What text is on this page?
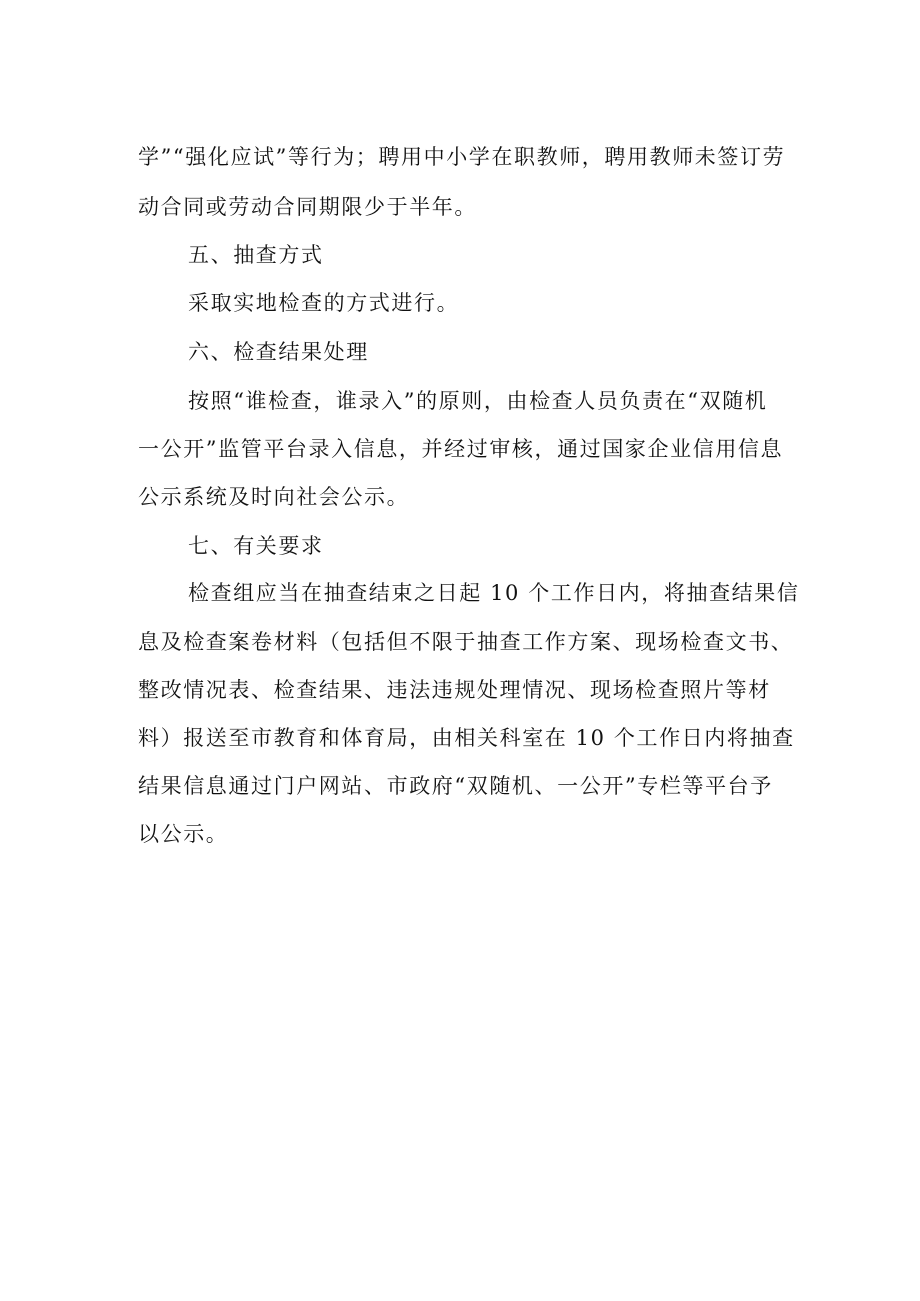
学”“强化应试”等行为；聘用中小学在职教师，聘用教师未签订劳
动合同或劳动合同期限少于半年。
五、抽查方式
采取实地检查的方式进行。
六、检查结果处理
按照“谁检查，谁录入”的原则，由检查人员负责在“双随机
一公开”监管平台录入信息，并经过审核，通过国家企业信用信息
公示系统及时向社会公示。
七、有关要求
检查组应当在抽查结束之日起 10 个工作日内，将抽查结果信
息及检查案卷材料（包括但不限于抽查工作方案、现场检查文书、
整改情况表、检查结果、违法违规处理情况、现场检查照片等材
料）报送至市教育和体育局，由相关科室在 10 个工作日内将抽查
结果信息通过门户网站、市政府“双随机、一公开”专栏等平台予
以公示。
